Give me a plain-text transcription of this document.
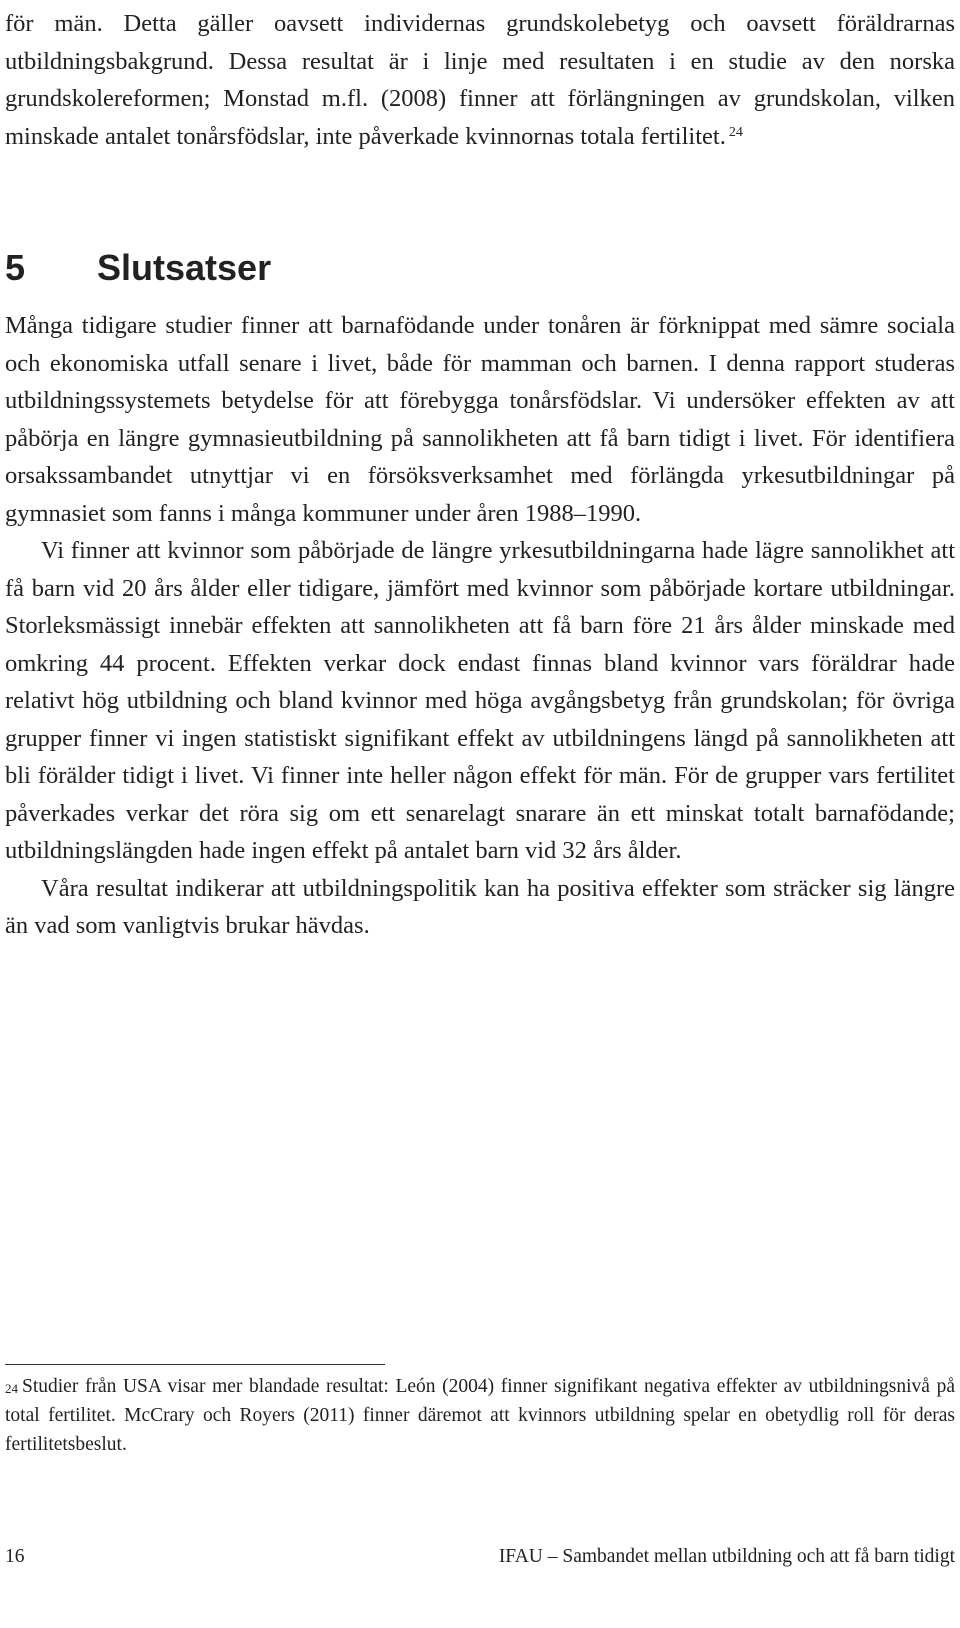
för män. Detta gäller oavsett individernas grundskolebetyg och oavsett föräldrarnas utbildningsbakgrund. Dessa resultat är i linje med resultaten i en studie av den norska grundskolereformen; Monstad m.fl. (2008) finner att förlängningen av grundskolan, vilken minskade antalet tonårsfödslar, inte påverkade kvinnornas totala fertilitet. $^{24}$

5 Slutsatser

Många tidigare studier finner att barnafödande under tonåren är förknippat med sämre sociala och ekonomiska utfall senare i livet, både för mamman och barnen. I denna rapport studeras utbildningssystemets betydelse för att förebygga tonårsfödslar. Vi undersöker effekten av att påbörja en längre gymnasieutbildning på sannolikheten att få barn tidigt i livet. För identifiera orsakssambandet utnyttjar vi en försöksverksamhet med förlängda yrkesutbildningar på gymnasiet som fanns i många kommuner under åren 1988–1990.

Vi finner att kvinnor som påbörjade de längre yrkesutbildningarna hade lägre sannolikhet att få barn vid 20 års ålder eller tidigare, jämfört med kvinnor som påbörjade kortare utbildningar. Storleksmässigt innebär effekten att sannolikheten att få barn före 21 års ålder minskade med omkring 44 procent. Effekten verkar dock endast finnas bland kvinnor vars föräldrar hade relativt hög utbildning och bland kvinnor med höga avgångsbetyg från grundskolan; för övriga grupper finner vi ingen statistiskt signifikant effekt av utbildningens längd på sannolikheten att bli förälder tidigt i livet. Vi finner inte heller någon effekt för män. För de grupper vars fertilitet påverkades verkar det röra sig om ett senarelagt snarare än ett minskat totalt barnafödande; utbildningslängden hade ingen effekt på antalet barn vid 32 års ålder.

Våra resultat indikerar att utbildningspolitik kan ha positiva effekter som sträcker sig längre än vad som vanligtvis brukar hävdas.

$^{24}$ Studier från USA visar mer blandade resultat: León (2004) finner signifikant negativa effekter av utbildningsnivå på total fertilitet. McCrary och Royers (2011) finner däremot att kvinnors utbildning spelar en obetydlig roll för deras fertilitetsbeslut.

16	IFAU – Sambandet mellan utbildning och att få barn tidigt
